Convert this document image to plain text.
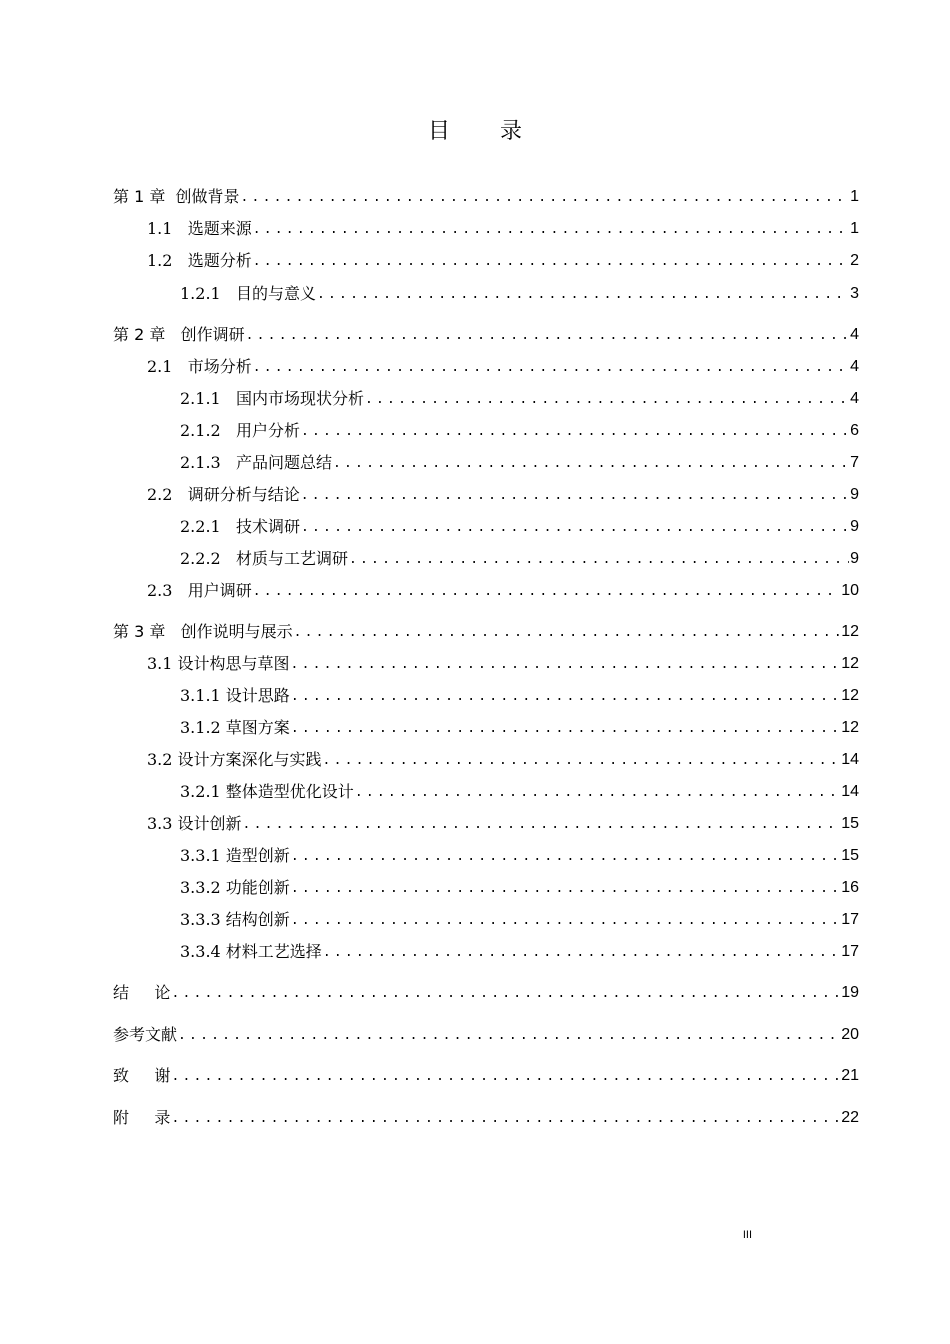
目 录
第 1 章  创做背景 .....	1
1.1   选题来源 .....	1
1.2   选题分析 .....	2
1.2.1   目的与意义 .....	3
第 2 章   创作调研 .....	4
2.1   市场分析 .....	4
2.1.1   国内市场现状分析 .....	4
2.1.2   用户分析 .....	6
2.1.3   产品问题总结 .....	7
2.2   调研分析与结论 .....	9
2.2.1   技术调研 .....	9
2.2.2   材质与工艺调研 .....	9
2.3   用户调研 .....	10
第 3 章   创作说明与展示 .....	12
3.1 设计构思与草图 .....	12
3.1.1 设计思路 .....	12
3.1.2 草图方案 .....	12
3.2 设计方案深化与实践 .....	14
3.2.1 整体造型优化设计 .....	14
3.3 设计创新 .....	15
3.3.1 造型创新 .....	15
3.3.2 功能创新 .....	16
3.3.3 结构创新 .....	17
3.3.4 材料工艺选择 .....	17
结     论 .....	19
参考文献 .....	20
致     谢 .....	21
附     录 .....	22
III
